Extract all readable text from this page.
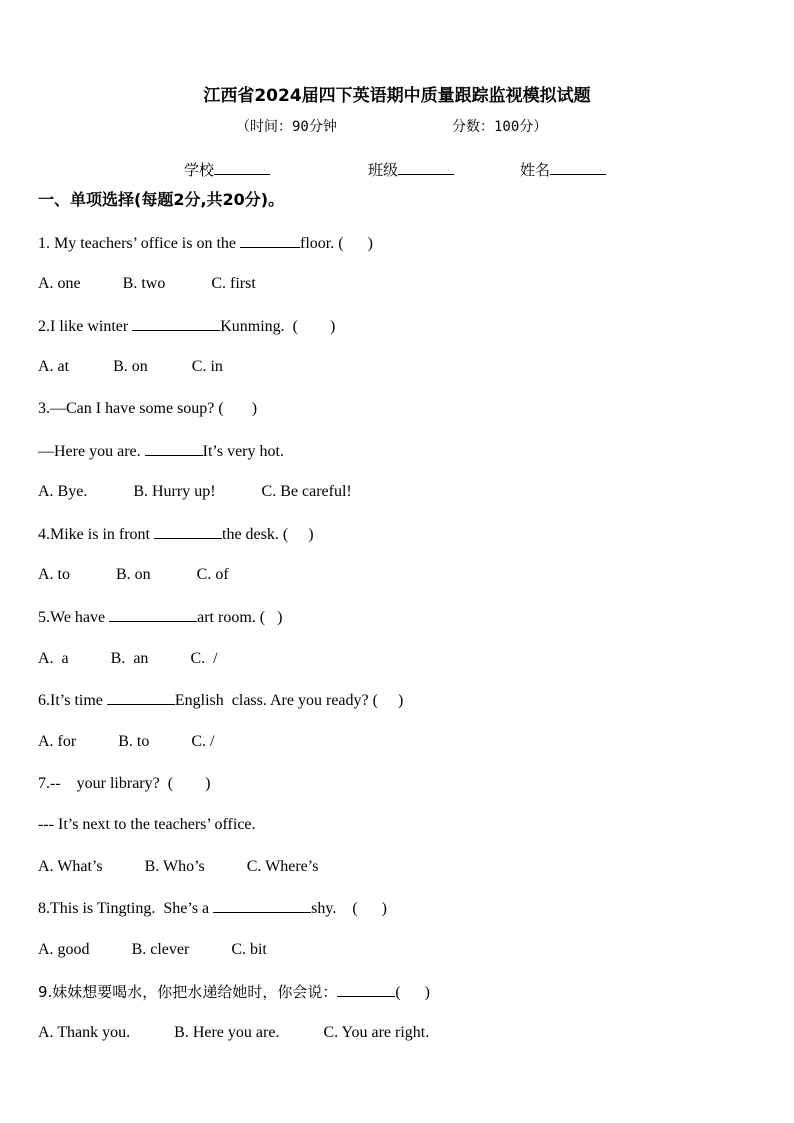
江西省2024届四下英语期中质量跟踪监视模拟试题
（时间：90分钟	分数：100分）
学校	班级	姓名
一、单项选择(每题2分,共20分)。
1. My teachers’ office is on the	floor. (      )
A. one	B. two	C. first
2.I like winter	Kunming.  (        )
A. at	B. on	C. in
3.—Can I have some soup? (       )
—Here you are.	It’s very hot.
A. Bye.	B. Hurry up!	C. Be careful!
4.Mike is in front	the desk. (     )
A. to	B. on	C. of
5.We have	art room. (   )
A.  a	B.  an	C.  /
6.It’s time	English  class. Are you ready? (     )
A. for	B. to	C. /
7.--    your library?  (        )
--- It’s next to the teachers’ office.
A. What’s	B. Who’s	C. Where’s
8.This is Tingting.  She’s a	shy.    (      )
A. good	B. clever	C. bit
9.妹妹想要喝水，你把水递给她时，你会说：	(      )
A. Thank you.	B. Here you are.	C. You are right.
